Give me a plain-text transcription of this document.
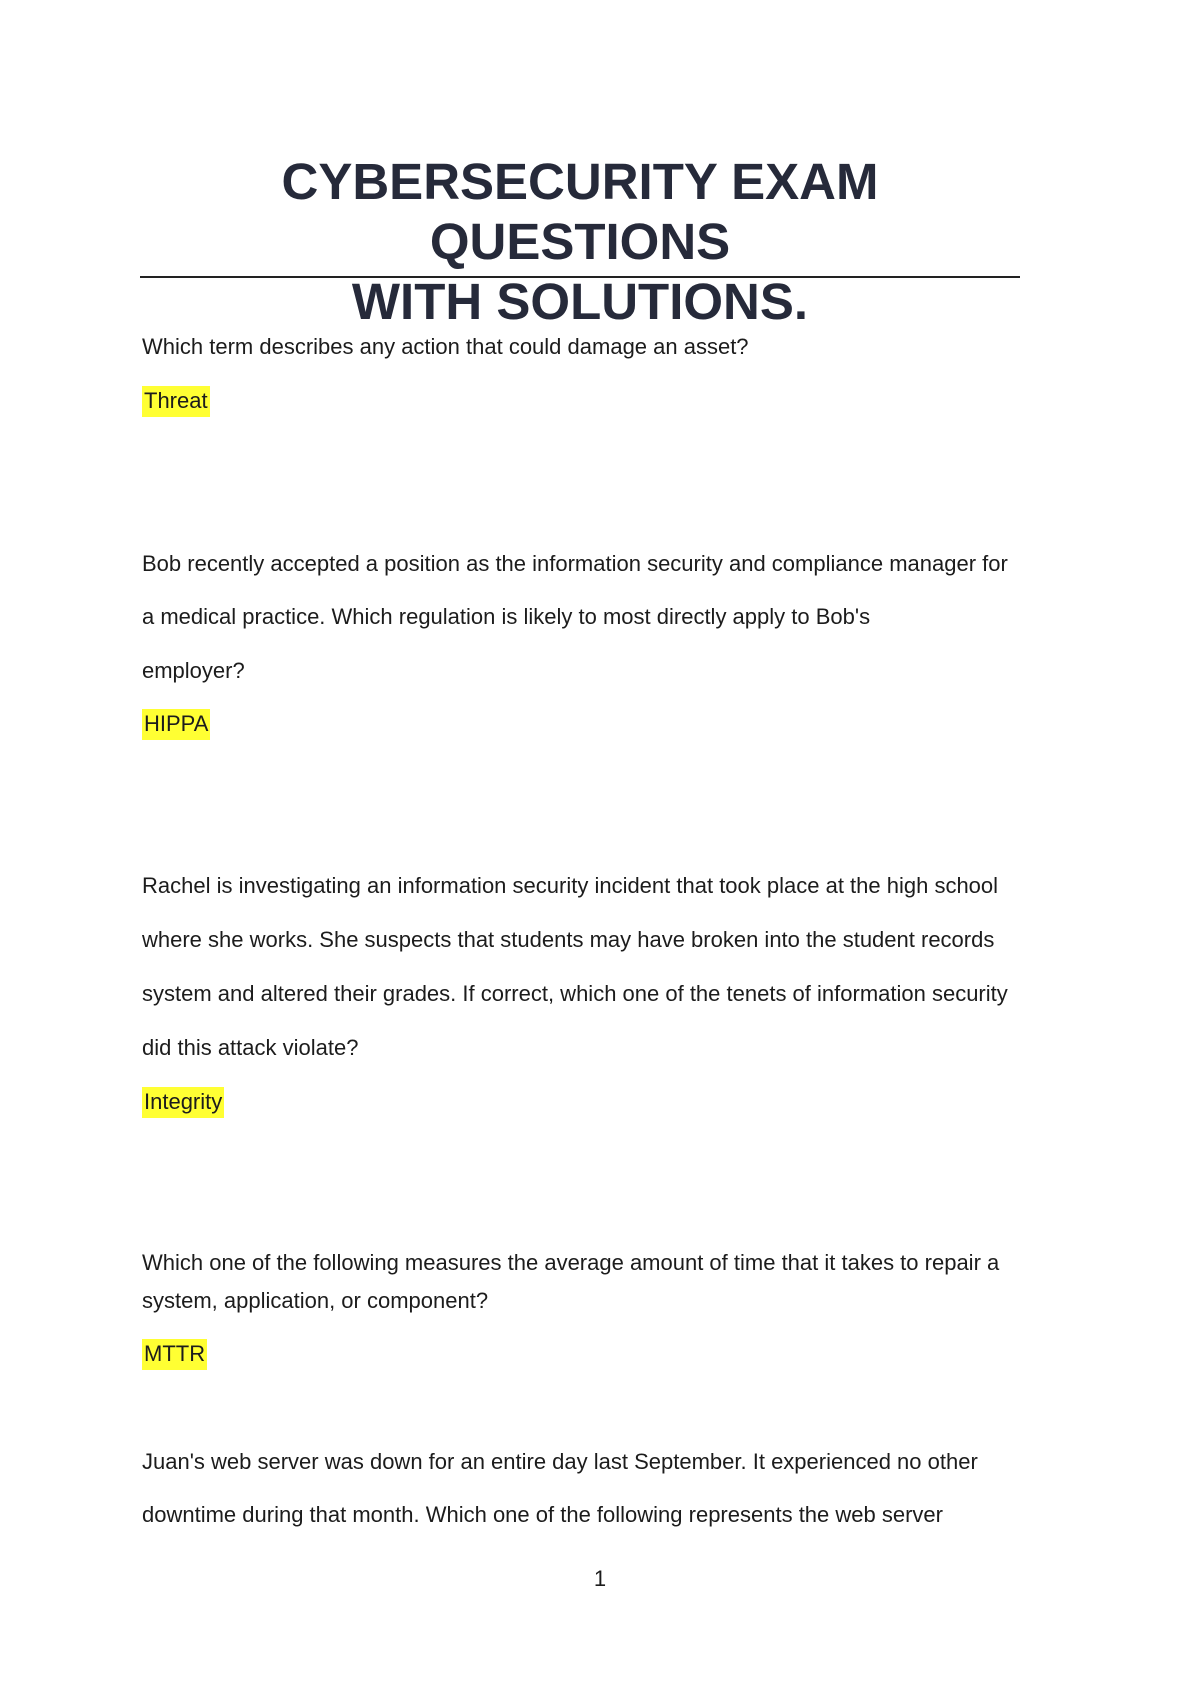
CYBERSECURITY EXAM QUESTIONS
WITH SOLUTIONS.

Which term describes any action that could damage an asset?

Threat

Bob recently accepted a position as the information security and compliance manager for

a medical practice. Which regulation is likely to most directly apply to Bob's

employer?

HIPPA

Rachel is investigating an information security incident that took place at the high school

where she works. She suspects that students may have broken into the student records

system and altered their grades. If correct, which one of the tenets of information security

did this attack violate?

Integrity

Which one of the following measures the average amount of time that it takes to repair a

system, application, or component?

MTTR

Juan's web server was down for an entire day last September. It experienced no other

downtime during that month. Which one of the following represents the web server

1
